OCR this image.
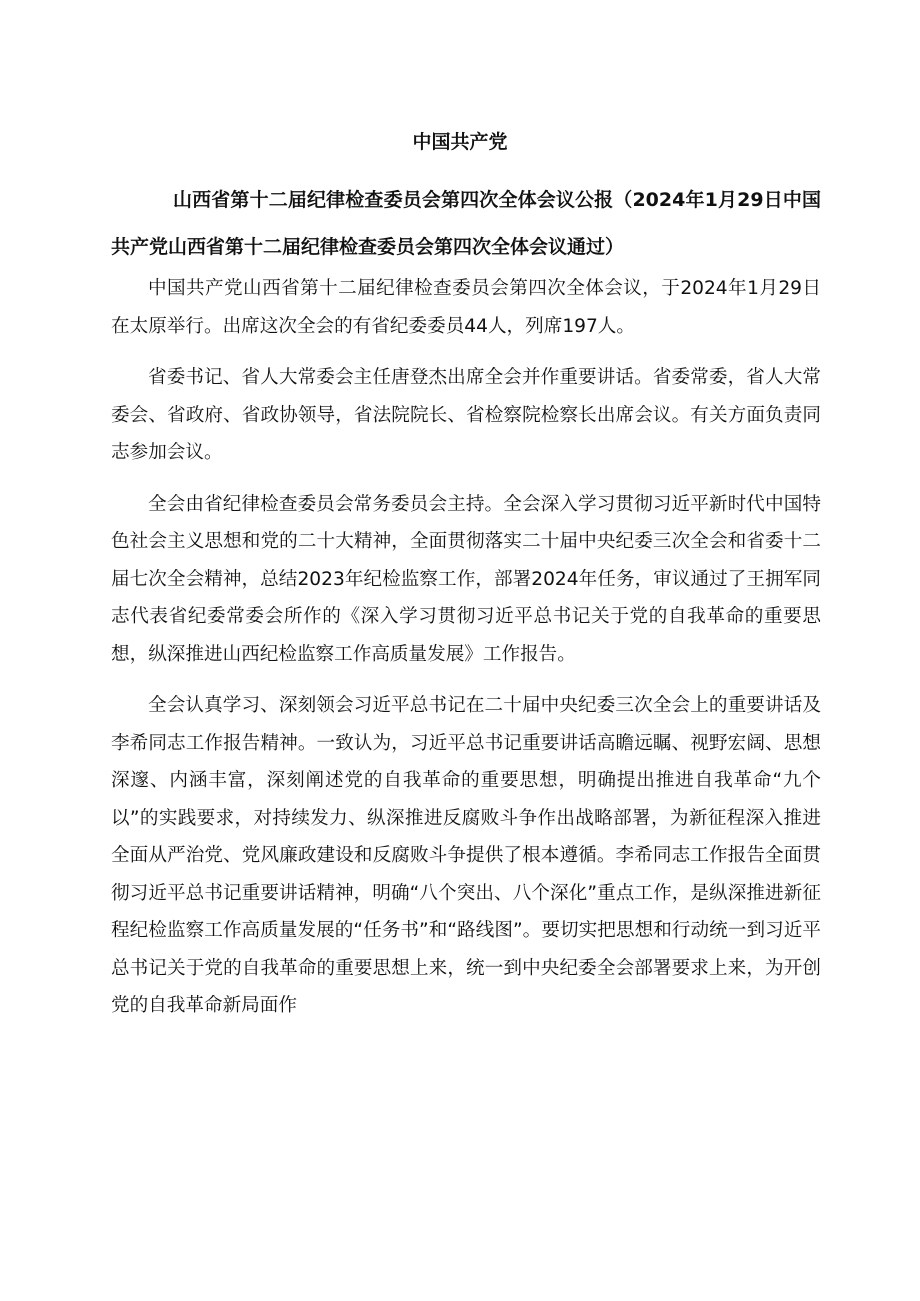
中国共产党
山西省第十二届纪律检查委员会第四次全体会议公报（2024年1月29日中国共产党山西省第十二届纪律检查委员会第四次全体会议通过）

中国共产党山西省第十二届纪律检查委员会第四次全体会议，于2024年1月29日在太原举行。出席这次全会的有省纪委委员44人，列席197人。

省委书记、省人大常委会主任唐登杰出席全会并作重要讲话。省委常委，省人大常委会、省政府、省政协领导，省法院院长、省检察院检察长出席会议。有关方面负责同志参加会议。

全会由省纪律检查委员会常务委员会主持。全会深入学习贯彻习近平新时代中国特色社会主义思想和党的二十大精神，全面贯彻落实二十届中央纪委三次全会和省委十二届七次全会精神，总结2023年纪检监察工作，部署2024年任务，审议通过了王拥军同志代表省纪委常委会所作的《深入学习贯彻习近平总书记关于党的自我革命的重要思想，纵深推进山西纪检监察工作高质量发展》工作报告。

全会认真学习、深刻领会习近平总书记在二十届中央纪委三次全会上的重要讲话及李希同志工作报告精神。一致认为，习近平总书记重要讲话高瞻远瞩、视野宏阔、思想深邃、内涵丰富，深刻阐述党的自我革命的重要思想，明确提出推进自我革命“九个以”的实践要求，对持续发力、纵深推进反腐败斗争作出战略部署，为新征程深入推进全面从严治党、党风廉政建设和反腐败斗争提供了根本遵循。李希同志工作报告全面贯彻习近平总书记重要讲话精神，明确“八个突出、八个深化”重点工作，是纵深推进新征程纪检监察工作高质量发展的“任务书”和“路线图”。要切实把思想和行动统一到习近平总书记关于党的自我革命的重要思想上来，统一到中央纪委全会部署要求上来，为开创党的自我革命新局面作
